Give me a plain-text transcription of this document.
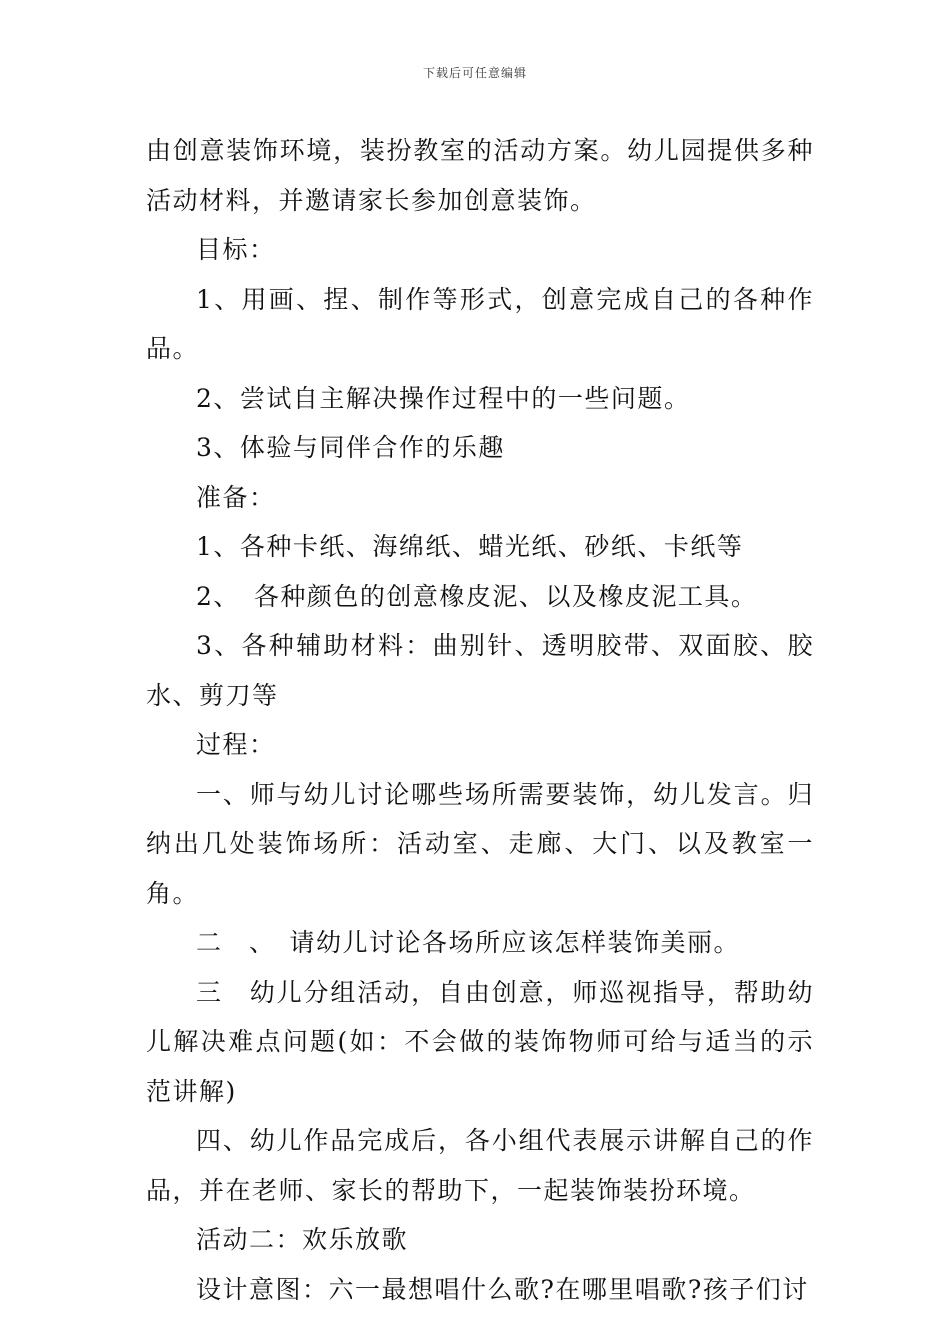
下载后可任意编辑

由创意装饰环境，装扮教室的活动方案。幼儿园提供多种活动材料，并邀请家长参加创意装饰。

目标：

1、用画、捏、制作等形式，创意完成自己的各种作品。

2、尝试自主解决操作过程中的一些问题。

3、体验与同伴合作的乐趣

准备：

1、各种卡纸、海绵纸、蜡光纸、砂纸、卡纸等

2、　各种颜色的创意橡皮泥、以及橡皮泥工具。

3、各种辅助材料：曲别针、透明胶带、双面胶、胶水、剪刀等

过程：

一、师与幼儿讨论哪些场所需要装饰，幼儿发言。归纳出几处装饰场所：活动室、走廊、大门、以及教室一角。

二　、　请幼儿讨论各场所应该怎样装饰美丽。

三　幼儿分组活动，自由创意，师巡视指导，帮助幼儿解决难点问题(如：不会做的装饰物师可给与适当的示范讲解)

四、幼儿作品完成后，各小组代表展示讲解自己的作品，并在老师、家长的帮助下，一起装饰装扮环境。

活动二：欢乐放歌

设计意图：六一最想唱什么歌?在哪里唱歌?孩子们讨
